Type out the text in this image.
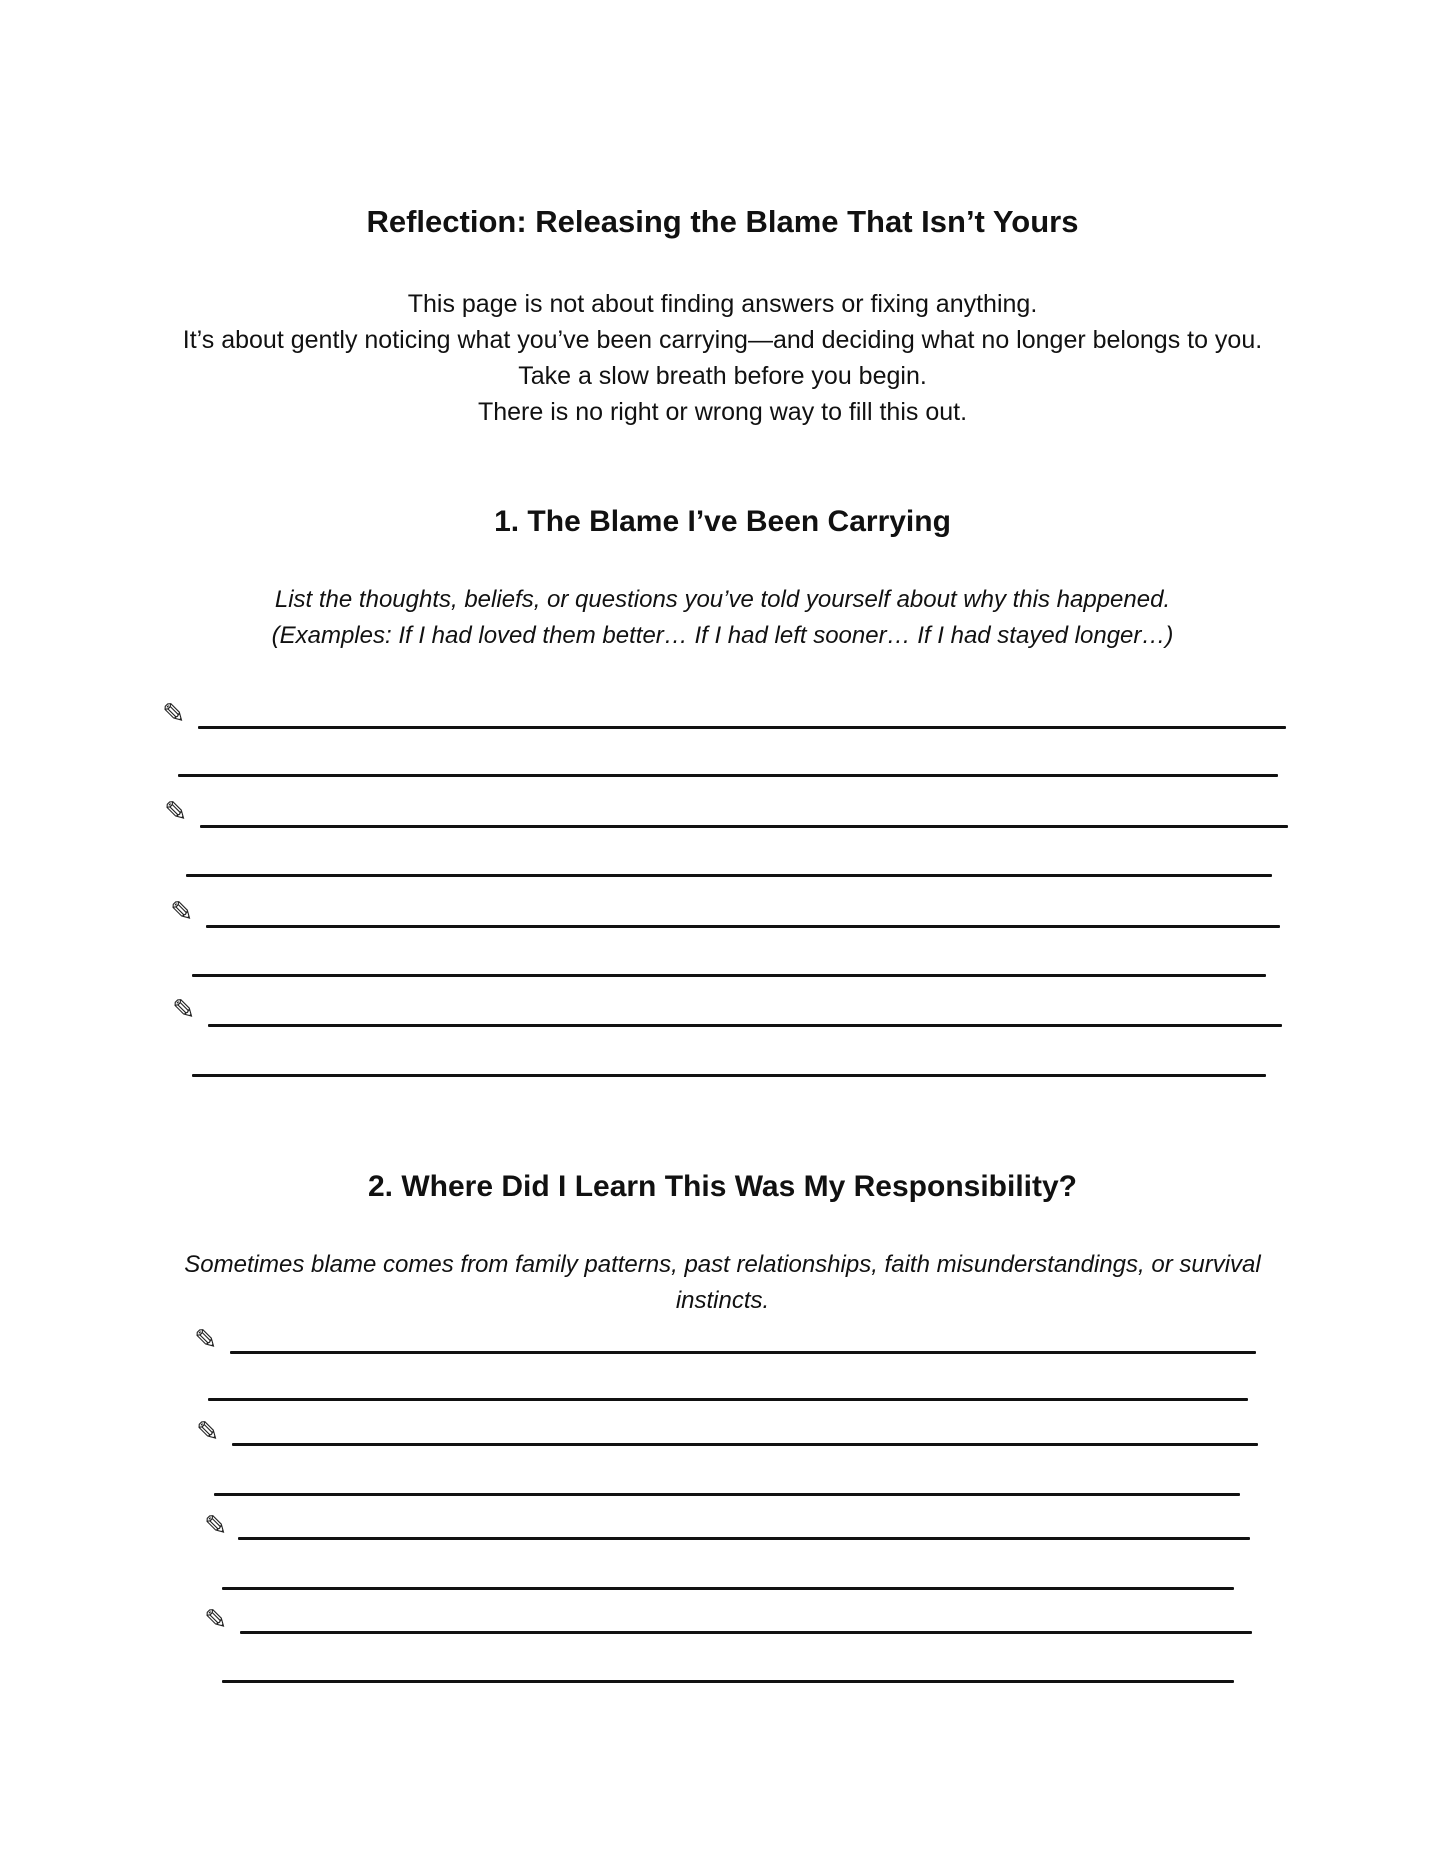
Reflection: Releasing the Blame That Isn’t Yours
This page is not about finding answers or fixing anything.
It’s about gently noticing what you’ve been carrying—and deciding what no longer belongs to you.
Take a slow breath before you begin.
There is no right or wrong way to fill this out.
1. The Blame I’ve Been Carrying
List the thoughts, beliefs, or questions you’ve told yourself about why this happened.
(Examples: If I had loved them better… If I had left sooner… If I had stayed longer…)
✎
✎
✎
✎
2. Where Did I Learn This Was My Responsibility?
Sometimes blame comes from family patterns, past relationships, faith misunderstandings, or survival
instincts.
✎
✎
✎
✎
